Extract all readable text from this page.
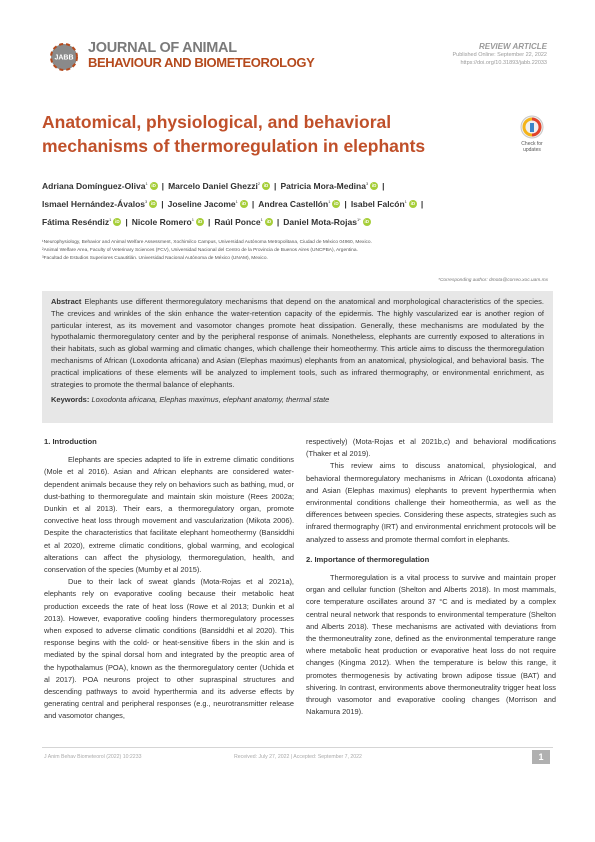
JABB
JOURNAL OF ANIMAL
BEHAVIOUR AND BIOMETEOROLOGY
REVIEW ARTICLE
Published Online: September 22, 2022
https://doi.org/10.31893/jabb.22033
Anatomical, physiological, and behavioral mechanisms of thermoregulation in elephants	Check for updates
Adriana Domínguez-Oliva$^1$ iD | Marcelo Daniel Ghezzi$^2$ iD | Patricia Mora-Medina$^3$ iD |
Ismael Hernández-Ávalos$^3$ iD | Joseline Jacome$^1$ iD | Andrea Castellón$^1$ iD | Isabel Falcón$^1$ iD |
Fátima Reséndiz$^1$ iD | Nicole Romero$^1$ iD | Raúl Ponce$^1$ iD | Daniel Mota-Rojas$^{1*}$ iD
¹Neurophysiology, Behavior and Animal Welfare Assessment, Xochimilco Campus, Universidad Autónoma Metropolitana, Ciudad de México 04960, Mexico.
²Animal Welfare Area, Faculty of Veterinary Sciences (FCV), Universidad Nacional del Centro de la Provincia de Buenos Aires (UNCPBA), Argentina.
³Facultad de Estudios Superiores Cuautitlán. Universidad Nacional Autónoma de México (UNAM), Mexico.
*Corresponding author: dmota@correo.xoc.uam.mx
Abstract Elephants use different thermoregulatory mechanisms that depend on the anatomical and morphological characteristics of the species. The crevices and wrinkles of the skin enhance the water-retention capacity of the epidermis. The highly vascularized ear is another region of particular interest, as its movement and vasomotor changes promote heat dissipation. Generally, these mechanisms are modulated by the hypothalamic thermoregulatory center and by the peripheral response of animals. Nonetheless, elephants are currently exposed to alterations in their habitats, such as global warming and climatic changes, which challenge their homeothermy. This article aims to discuss the thermoregulation mechanisms of African (Loxodonta africana) and Asian (Elephas maximus) elephants from an anatomical, physiological, and behavioral basis. The practical implications of these elements will be analyzed to implement tools, such as infrared thermography, or environmental enrichment, as strategies to promote the thermal balance of elephants.
Keywords: Loxodonta africana, Elephas maximus, elephant anatomy, thermal state
1. Introduction

Elephants are species adapted to life in extreme climatic conditions (Mole et al 2016). Asian and African elephants are considered water-dependent animals because they rely on behaviors such as bathing, mud, or dust-bathing to thermoregulate and maintain skin moisture (Rees 2002a; Dunkin et al 2013). Their ears, a thermoregulatory organ, promote convective heat loss through movement and vascularization (Mikota 2006). Despite the characteristics that facilitate elephant homeothermy (Bansiddhi et al 2020), extreme climatic conditions, global warming, and ecological alterations can affect the physiology, thermoregulation, health, and conservation of the species (Mumby et al 2015).

Due to their lack of sweat glands (Mota-Rojas et al 2021a), elephants rely on evaporative cooling because their metabolic heat production exceeds the rate of heat loss (Rowe et al 2013; Dunkin et al 2013). However, evaporative cooling hinders thermoregulatory processes when exposed to adverse climatic conditions (Bansiddhi et al 2020). This response begins with the cold- or heat-sensitive fibers in the skin and is mediated by the spinal dorsal horn and integrated by the preoptic area of the hypothalamus (POA), known as the thermoregulatory center (Uchida et al 2017). POA neurons project to other supraspinal structures and descending pathways to avoid hyperthermia and its adverse effects by generating central and peripheral responses (e.g., neurotransmitter release and vasomotor changes,

respectively) (Mota-Rojas et al 2021b,c) and behavioral modifications (Thaker et al 2019).

This review aims to discuss anatomical, physiological, and behavioral thermoregulatory mechanisms in African (Loxodonta africana) and Asian (Elephas maximus) elephants to prevent hyperthermia when environmental conditions challenge their homeothermia, as well as the differences between species. Considering these aspects, strategies such as infrared thermography (IRT) and environmental enrichment protocols will be analyzed to assess and promote thermal comfort in elephants.

2. Importance of thermoregulation

Thermoregulation is a vital process to survive and maintain proper organ and cellular function (Shelton and Alberts 2018). In most mammals, core temperature oscillates around 37 °C and is mediated by a complex central neural network that responds to environmental temperature (Shelton and Alberts 2018). These mechanisms are activated with deviations from the thermoneutrality zone, defined as the environmental temperature range where metabolic heat production or evaporative heat loss do not require changes (Kingma 2012). When the temperature is below this range, it promotes thermogenesis by activating brown adipose tissue (BAT) and shivering. In contrast, environments above thermoneutrality trigger heat loss through vasomotor and evaporative cooling changes (Morrison and Nakamura 2019).

J Anim Behav Biometeorol (2022) 10:2233	Received: July 27, 2022 | Accepted: September 7, 2022	1
